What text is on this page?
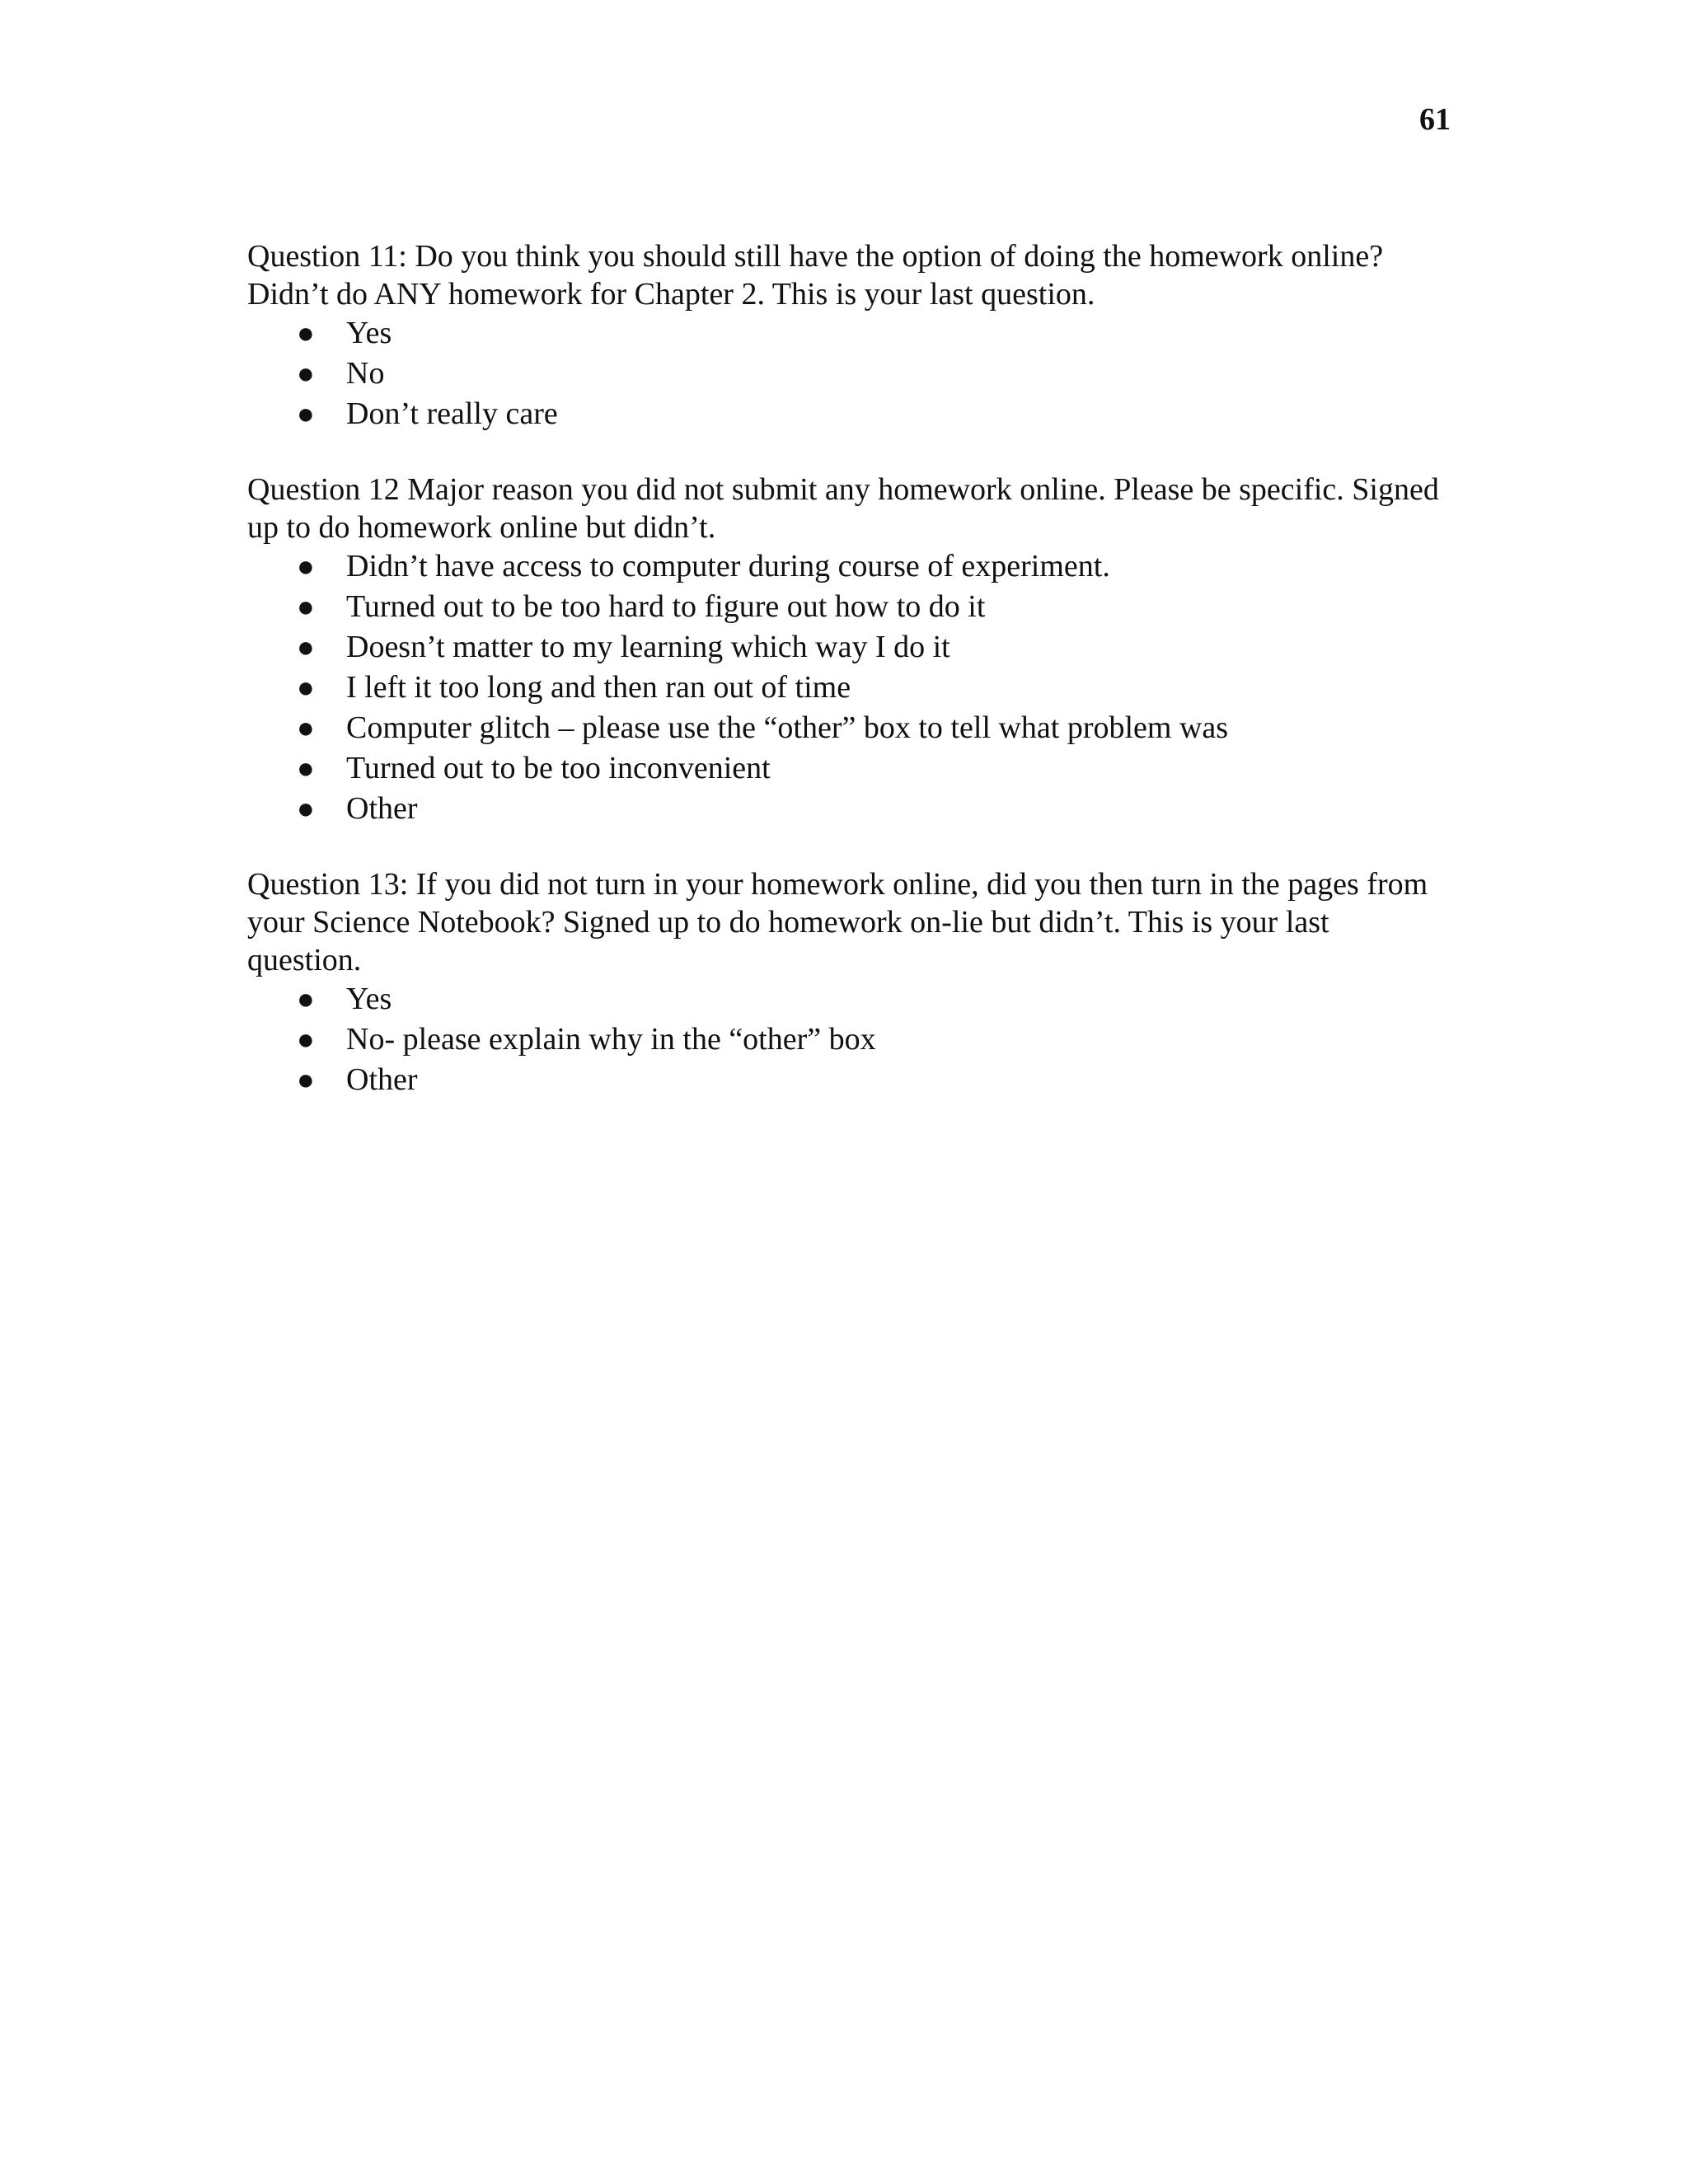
61

Question 11: Do you think you should still have the option of doing the homework online? Didn’t do ANY homework for Chapter 2. This is your last question.

●	Yes
●	No
●	Don’t really care

Question 12 Major reason you did not submit any homework online. Please be specific. Signed up to do homework online but didn’t.

●	Didn’t have access to computer during course of experiment.
●	Turned out to be too hard to figure out how to do it
●	Doesn’t matter to my learning which way I do it
●	I left it too long and then ran out of time
●	Computer glitch – please use the “other” box to tell what problem was
●	Turned out to be too inconvenient
●	Other

Question 13: If you did not turn in your homework online, did you then turn in the pages from your Science Notebook? Signed up to do homework on-lie but didn’t. This is your last question.

●	Yes
●	No- please explain why in the “other” box
●	Other
